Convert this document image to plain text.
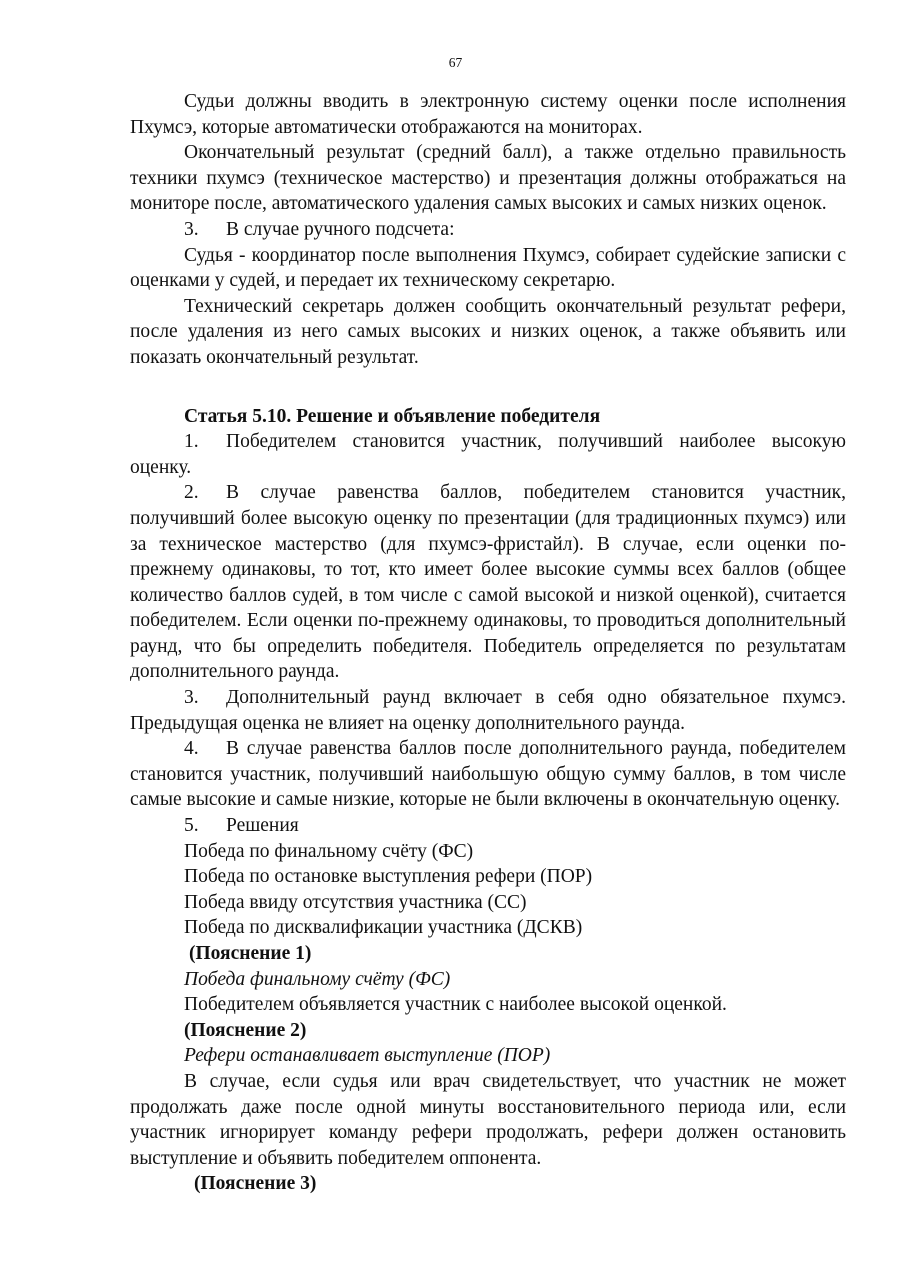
67

Судьи должны вводить в электронную систему оценки после исполнения Пхумсэ, которые автоматически отображаются на мониторах.

Окончательный результат (средний балл), а также отдельно правильность техники пхумсэ (техническое мастерство) и презентация должны отображаться на мониторе после, автоматического удаления самых высоких и самых низких оценок.

3. В случае ручного подсчета:

Судья - координатор после выполнения Пхумсэ, собирает судейские записки с оценками у судей, и передает их техническому секретарю.

Технический секретарь должен сообщить окончательный результат рефери, после удаления из него самых высоких и низких оценок, а также объявить или показать окончательный результат.

Статья 5.10. Решение и объявление победителя

1. Победителем становится участник, получивший наиболее высокую оценку.

2. В случае равенства баллов, победителем становится участник, получивший более высокую оценку по презентации (для традиционных пхумсэ) или за техническое мастерство (для пхумсэ-фристайл). В случае, если оценки по-прежнему одинаковы, то тот, кто имеет более высокие суммы всех баллов (общее количество баллов судей, в том числе с самой высокой и низкой оценкой), считается победителем. Если оценки по-прежнему одинаковы, то проводиться дополнительный раунд, что бы определить победителя. Победитель определяется по результатам дополнительного раунда.

3. Дополнительный раунд включает в себя одно обязательное пхумсэ. Предыдущая оценка не влияет на оценку дополнительного раунда.

4. В случае равенства баллов после дополнительного раунда, победителем становится участник, получивший наибольшую общую сумму баллов, в том числе самые высокие и самые низкие, которые не были включены в окончательную оценку.

5. Решения

Победа по финальному счёту (ФС)

Победа по остановке выступления рефери (ПОР)

Победа ввиду отсутствия участника (СС)

Победа по дисквалификации участника (ДСКВ)

(Пояснение 1)

Победа финальному счёту (ФС)

Победителем объявляется участник с наиболее высокой оценкой.

(Пояснение 2)

Рефери останавливает выступление (ПОР)

В случае, если судья или врач свидетельствует, что участник не может продолжать даже после одной минуты восстановительного периода или, если участник игнорирует команду рефери продолжать, рефери должен остановить выступление и объявить победителем оппонента.

(Пояснение 3)
